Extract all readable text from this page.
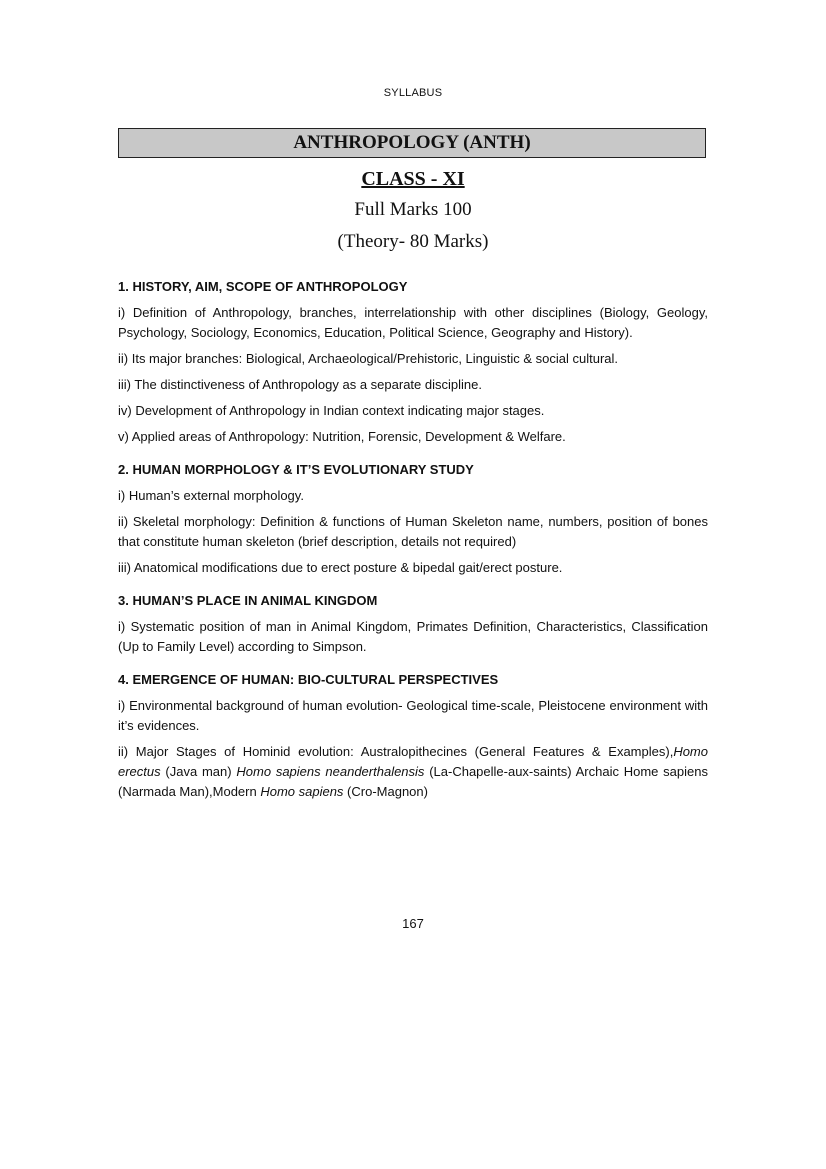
SYLLABUS
ANTHROPOLOGY (ANTH)
CLASS - XI
Full Marks 100
(Theory- 80 Marks)
1. HISTORY, AIM, SCOPE OF ANTHROPOLOGY

i) Definition of Anthropology, branches, interrelationship with other disciplines (Biology, Geology, Psychology, Sociology, Economics, Education, Political Science, Geography and History).

ii) Its major branches: Biological, Archaeological/Prehistoric, Linguistic & social cultural.

iii) The distinctiveness of Anthropology as a separate discipline.

iv) Development of Anthropology in Indian context indicating major stages.

v) Applied areas of Anthropology: Nutrition, Forensic, Development & Welfare.

2. HUMAN MORPHOLOGY & IT’S EVOLUTIONARY STUDY

i) Human’s external morphology.

ii) Skeletal morphology: Definition & functions of Human Skeleton name, numbers, position of bones that constitute human skeleton (brief description, details not required)

iii) Anatomical modifications due to erect posture & bipedal gait/erect posture.

3. HUMAN’S PLACE IN ANIMAL KINGDOM

i) Systematic position of man in Animal Kingdom, Primates Definition, Characteristics, Classification (Up to Family Level) according to Simpson.

4. EMERGENCE OF HUMAN: BIO-CULTURAL PERSPECTIVES

i) Environmental background of human evolution- Geological time-scale, Pleistocene environment with it’s evidences.

ii) Major Stages of Hominid evolution: Australopithecines (General Features & Examples),Homo erectus (Java man) Homo sapiens neanderthalensis (La-Chapelle-aux-saints) Archaic Home sapiens (Narmada Man),Modern Homo sapiens (Cro-Magnon)

167
